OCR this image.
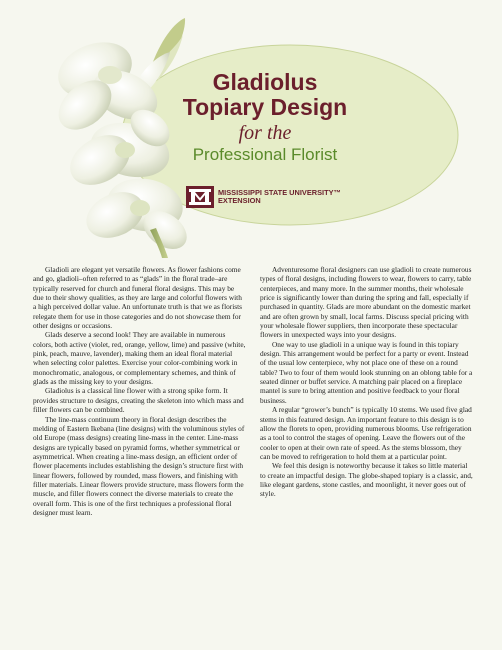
Gladiolus
Topiary Design
for the
Professional Florist
MISSISSIPPI STATE UNIVERSITY™
EXTENSION

Gladioli are elegant yet versatile flowers. As flower fashions come and go, gladioli–often referred to as “glads” in the floral trade–are typically reserved for church and funeral floral designs. This may be due to their showy qualities, as they are large and colorful flowers with a high perceived dollar value. An unfortunate truth is that we as florists relegate them for use in those categories and do not showcase them for other designs or occasions.

Glads deserve a second look! They are available in numerous colors, both active (violet, red, orange, yellow, lime) and passive (white, pink, peach, mauve, lavender), making them an ideal floral material when selecting color palettes. Exercise your color-combining work in monochromatic, analogous, or complementary schemes, and think of glads as the missing key to your designs.

Gladiolus is a classical line flower with a strong spike form. It provides structure to designs, creating the skeleton into which mass and filler flowers can be combined.

The line-mass continuum theory in floral design describes the melding of Eastern Ikebana (line designs) with the voluminous styles of old Europe (mass designs) creating line-mass in the center. Line-mass designs are typically based on pyramid forms, whether symmetrical or asymmetrical. When creating a line-mass design, an efficient order of flower placements includes establishing the design’s structure first with linear flowers, followed by rounded, mass flowers, and finishing with filler materials. Linear flowers provide structure, mass flowers form the muscle, and filler flowers connect the diverse materials to create the overall form. This is one of the first techniques a professional floral designer must learn.

Adventuresome floral designers can use gladioli to create numerous types of floral designs, including flowers to wear, flowers to carry, table centerpieces, and many more. In the summer months, their wholesale price is significantly lower than during the spring and fall, especially if purchased in quantity. Glads are more abundant on the domestic market and are often grown by small, local farms. Discuss special pricing with your wholesale flower suppliers, then incorporate these spectacular flowers in unexpected ways into your designs.

One way to use gladioli in a unique way is found in this topiary design. This arrangement would be perfect for a party or event. Instead of the usual low centerpiece, why not place one of these on a round table? Two to four of them would look stunning on an oblong table for a seated dinner or buffet service. A matching pair placed on a fireplace mantel is sure to bring attention and positive feedback to your floral business.

A regular “grower’s bunch” is typically 10 stems. We used five glad stems in this featured design. An important feature to this design is to allow the florets to open, providing numerous blooms. Use refrigeration as a tool to control the stages of opening. Leave the flowers out of the cooler to open at their own rate of speed. As the stems blossom, they can be moved to refrigeration to hold them at a particular point.

We feel this design is noteworthy because it takes so little material to create an impactful design. The globe-shaped topiary is a classic, and, like elegant gardens, stone castles, and moonlight, it never goes out of style.
